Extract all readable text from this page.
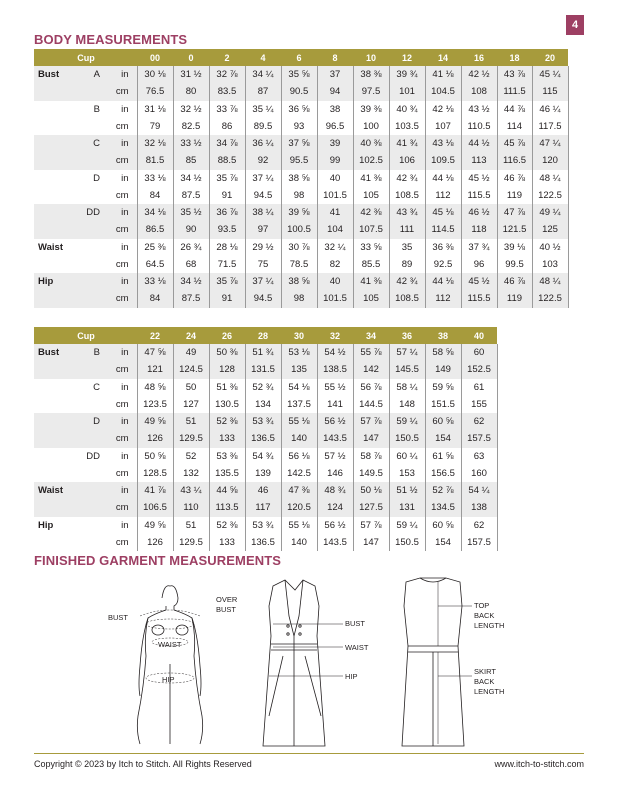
4
BODY MEASUREMENTS
	Cup		00	0	2	4	6	8	10	12	14	16	18	20
Bust	A	in	30 ⅛	31 ½	32 ⅞	34 ¼	35 ⅝	37	38 ⅜	39 ¾	41 ⅛	42 ½	43 ⅞	45 ¼
		cm	76.5	80	83.5	87	90.5	94	97.5	101	104.5	108	111.5	115
	B	in	31 ⅛	32 ½	33 ⅞	35 ¼	36 ⅝	38	39 ⅜	40 ¾	42 ⅛	43 ½	44 ⅞	46 ¼
		cm	79	82.5	86	89.5	93	96.5	100	103.5	107	110.5	114	117.5
	C	in	32 ⅛	33 ½	34 ⅞	36 ¼	37 ⅝	39	40 ⅜	41 ¾	43 ⅛	44 ½	45 ⅞	47 ¼
		cm	81.5	85	88.5	92	95.5	99	102.5	106	109.5	113	116.5	120
	D	in	33 ⅛	34 ½	35 ⅞	37 ¼	38 ⅝	40	41 ⅜	42 ¾	44 ⅛	45 ½	46 ⅞	48 ¼
		cm	84	87.5	91	94.5	98	101.5	105	108.5	112	115.5	119	122.5
	DD	in	34 ⅛	35 ½	36 ⅞	38 ¼	39 ⅝	41	42 ⅜	43 ¾	45 ⅛	46 ½	47 ⅞	49 ¼
		cm	86.5	90	93.5	97	100.5	104	107.5	111	114.5	118	121.5	125
Waist		in	25 ⅜	26 ¾	28 ⅛	29 ½	30 ⅞	32 ¼	33 ⅝	35	36 ⅜	37 ¾	39 ⅛	40 ½
		cm	64.5	68	71.5	75	78.5	82	85.5	89	92.5	96	99.5	103
Hip		in	33 ⅛	34 ½	35 ⅞	37 ¼	38 ⅝	40	41 ⅜	42 ¾	44 ⅛	45 ½	46 ⅞	48 ¼
		cm	84	87.5	91	94.5	98	101.5	105	108.5	112	115.5	119	122.5
	Cup		22	24	26	28	30	32	34	36	38	40
Bust	B	in	47 ⅝	49	50 ⅜	51 ¾	53 ⅛	54 ½	55 ⅞	57 ¼	58 ⅝	60
		cm	121	124.5	128	131.5	135	138.5	142	145.5	149	152.5
	C	in	48 ⅝	50	51 ⅜	52 ¾	54 ⅛	55 ½	56 ⅞	58 ¼	59 ⅝	61
		cm	123.5	127	130.5	134	137.5	141	144.5	148	151.5	155
	D	in	49 ⅝	51	52 ⅜	53 ¾	55 ⅛	56 ½	57 ⅞	59 ¼	60 ⅝	62
		cm	126	129.5	133	136.5	140	143.5	147	150.5	154	157.5
	DD	in	50 ⅝	52	53 ⅜	54 ¾	56 ⅛	57 ½	58 ⅞	60 ¼	61 ⅝	63
		cm	128.5	132	135.5	139	142.5	146	149.5	153	156.5	160
Waist		in	41 ⅞	43 ¼	44 ⅝	46	47 ⅜	48 ¾	50 ⅛	51 ½	52 ⅞	54 ¼
		cm	106.5	110	113.5	117	120.5	124	127.5	131	134.5	138
Hip		in	49 ⅝	51	52 ⅜	53 ¾	55 ⅛	56 ½	57 ⅞	59 ¼	60 ⅝	62
		cm	126	129.5	133	136.5	140	143.5	147	150.5	154	157.5
FINISHED GARMENT MEASUREMENTS
BUST
WAIST
HIP
OVER
BUST
BUST
WAIST
HIP
TOP
BACK
LENGTH
SKIRT
BACK
LENGTH
Copyright © 2023 by Itch to Stitch. All Rights Reserved	www.itch-to-stitch.com
